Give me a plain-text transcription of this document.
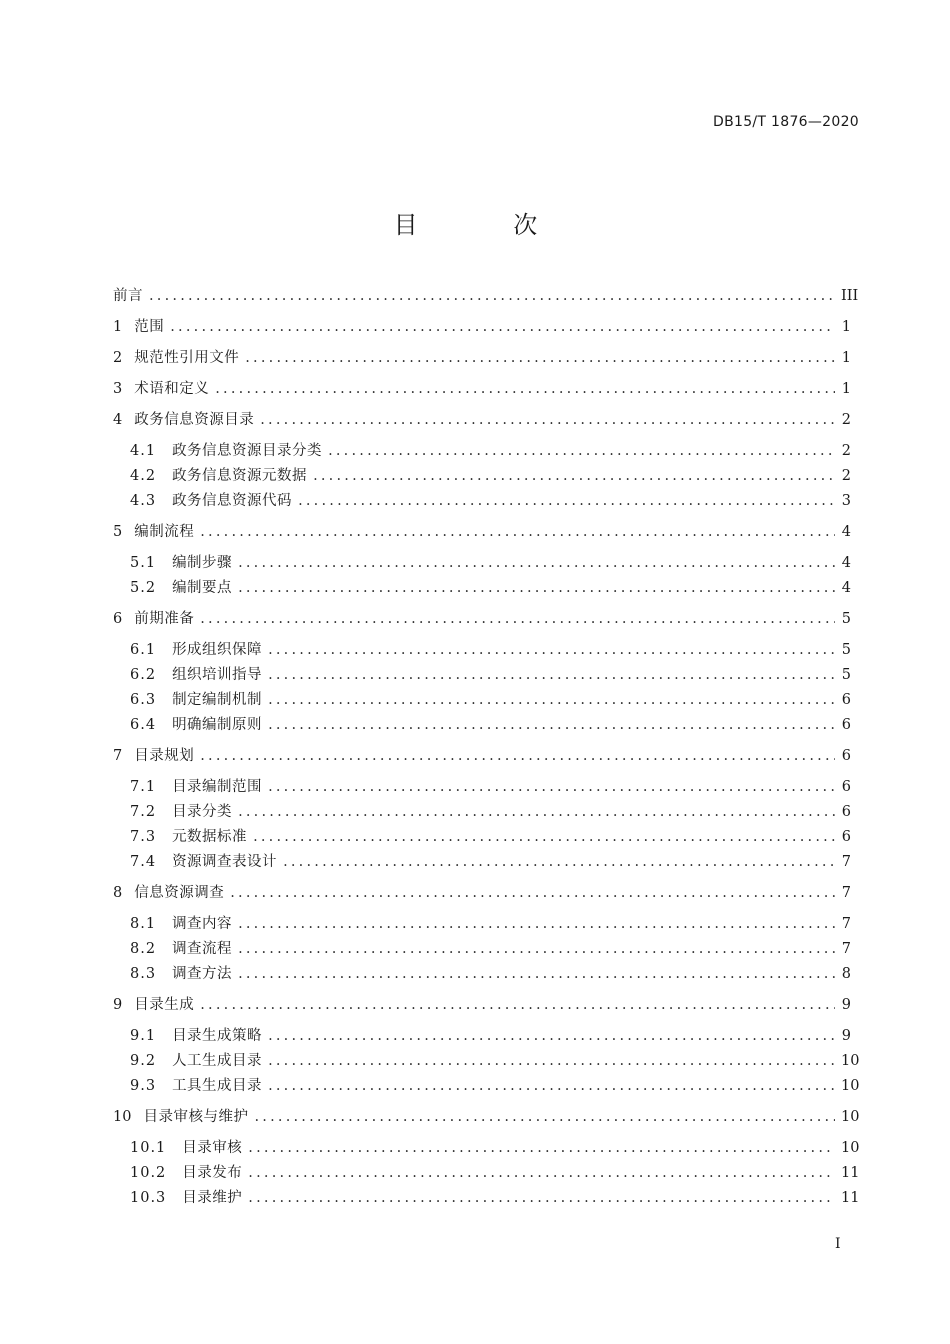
DB15/T 1876—2020
目 次
前言 .....	III
1 范围 .....	1
2 规范性引用文件 .....	1
3 术语和定义 .....	1
4 政务信息资源目录 .....	2
4.1 政务信息资源目录分类 .....	2
4.2 政务信息资源元数据 .....	2
4.3 政务信息资源代码 .....	3
5 编制流程 .....	4
5.1 编制步骤 .....	4
5.2 编制要点 .....	4
6 前期准备 .....	5
6.1 形成组织保障 .....	5
6.2 组织培训指导 .....	5
6.3 制定编制机制 .....	6
6.4 明确编制原则 .....	6
7 目录规划 .....	6
7.1 目录编制范围 .....	6
7.2 目录分类 .....	6
7.3 元数据标准 .....	6
7.4 资源调查表设计 .....	7
8 信息资源调查 .....	7
8.1 调查内容 .....	7
8.2 调查流程 .....	7
8.3 调查方法 .....	8
9 目录生成 .....	9
9.1 目录生成策略 .....	9
9.2 人工生成目录 .....	10
9.3 工具生成目录 .....	10
10 目录审核与维护 .....	10
10.1 目录审核 .....	10
10.2 目录发布 .....	11
10.3 目录维护 .....	11
I
